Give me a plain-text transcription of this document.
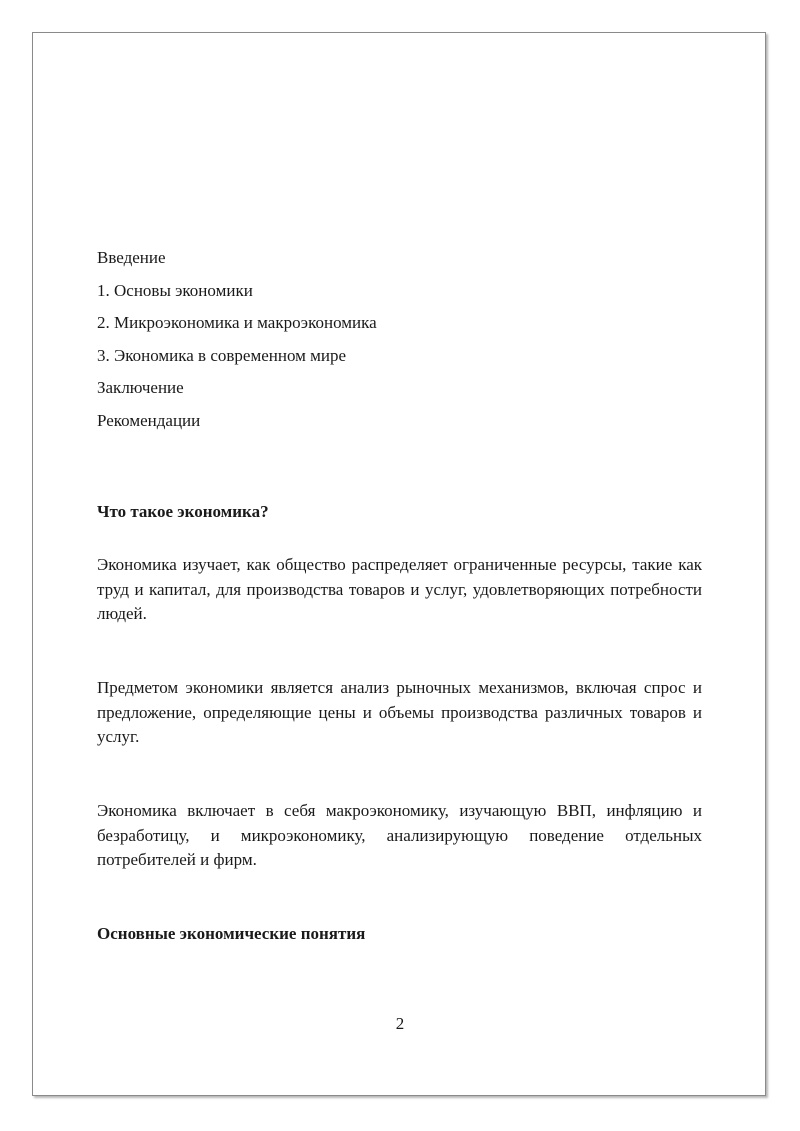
Введение
1. Основы экономики
2. Микроэкономика и макроэкономика
3. Экономика в современном мире
Заключение
Рекомендации
Что такое экономика?

Экономика изучает, как общество распределяет ограниченные ресурсы, такие как труд и капитал, для производства товаров и услуг, удовлетворяющих потребности людей.

Предметом экономики является анализ рыночных механизмов, включая спрос и предложение, определяющие цены и объемы производства различных товаров и услуг.

Экономика включает в себя макроэкономику, изучающую ВВП, инфляцию и безработицу, и микроэкономику, анализирующую поведение отдельных потребителей и фирм.

Основные экономические понятия
2
